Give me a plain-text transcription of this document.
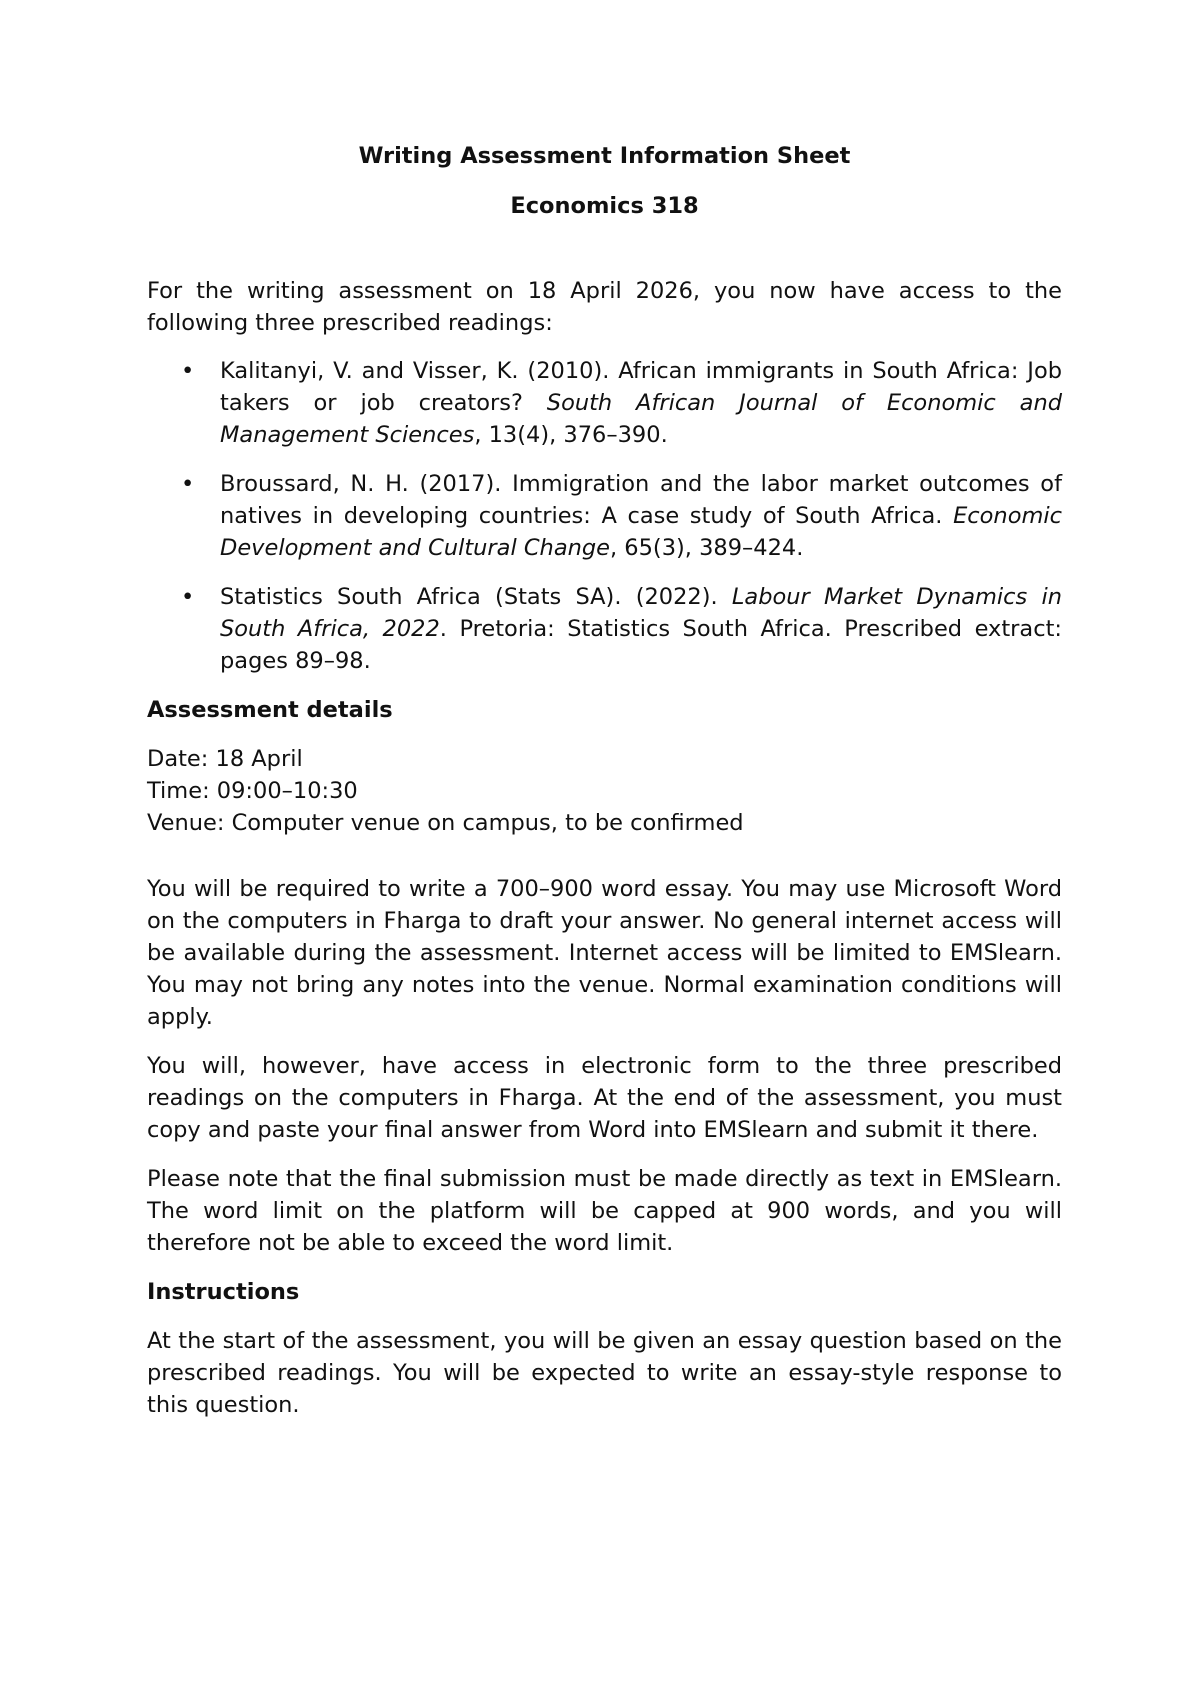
Writing Assessment Information Sheet

Economics 318

For the writing assessment on 18 April 2026, you now have access to the following three prescribed readings:

• Kalitanyi, V. and Visser, K. (2010). African immigrants in South Africa: Job takers or job creators? South African Journal of Economic and Management Sciences, 13(4), 376–390.
• Broussard, N. H. (2017). Immigration and the labor market outcomes of natives in developing countries: A case study of South Africa. Economic Development and Cultural Change, 65(3), 389–424.
• Statistics South Africa (Stats SA). (2022). Labour Market Dynamics in South Africa, 2022. Pretoria: Statistics South Africa. Prescribed extract: pages 89–98.

Assessment details

Date: 18 April
Time: 09:00–10:30
Venue: Computer venue on campus, to be confirmed

You will be required to write a 700–900 word essay. You may use Microsoft Word on the computers in Fharga to draft your answer. No general internet access will be available during the assessment. Internet access will be limited to EMSlearn. You may not bring any notes into the venue. Normal examination conditions will apply.

You will, however, have access in electronic form to the three prescribed readings on the computers in Fharga. At the end of the assessment, you must copy and paste your final answer from Word into EMSlearn and submit it there.

Please note that the final submission must be made directly as text in EMSlearn. The word limit on the platform will be capped at 900 words, and you will therefore not be able to exceed the word limit.

Instructions

At the start of the assessment, you will be given an essay question based on the prescribed readings. You will be expected to write an essay-style response to this question.
